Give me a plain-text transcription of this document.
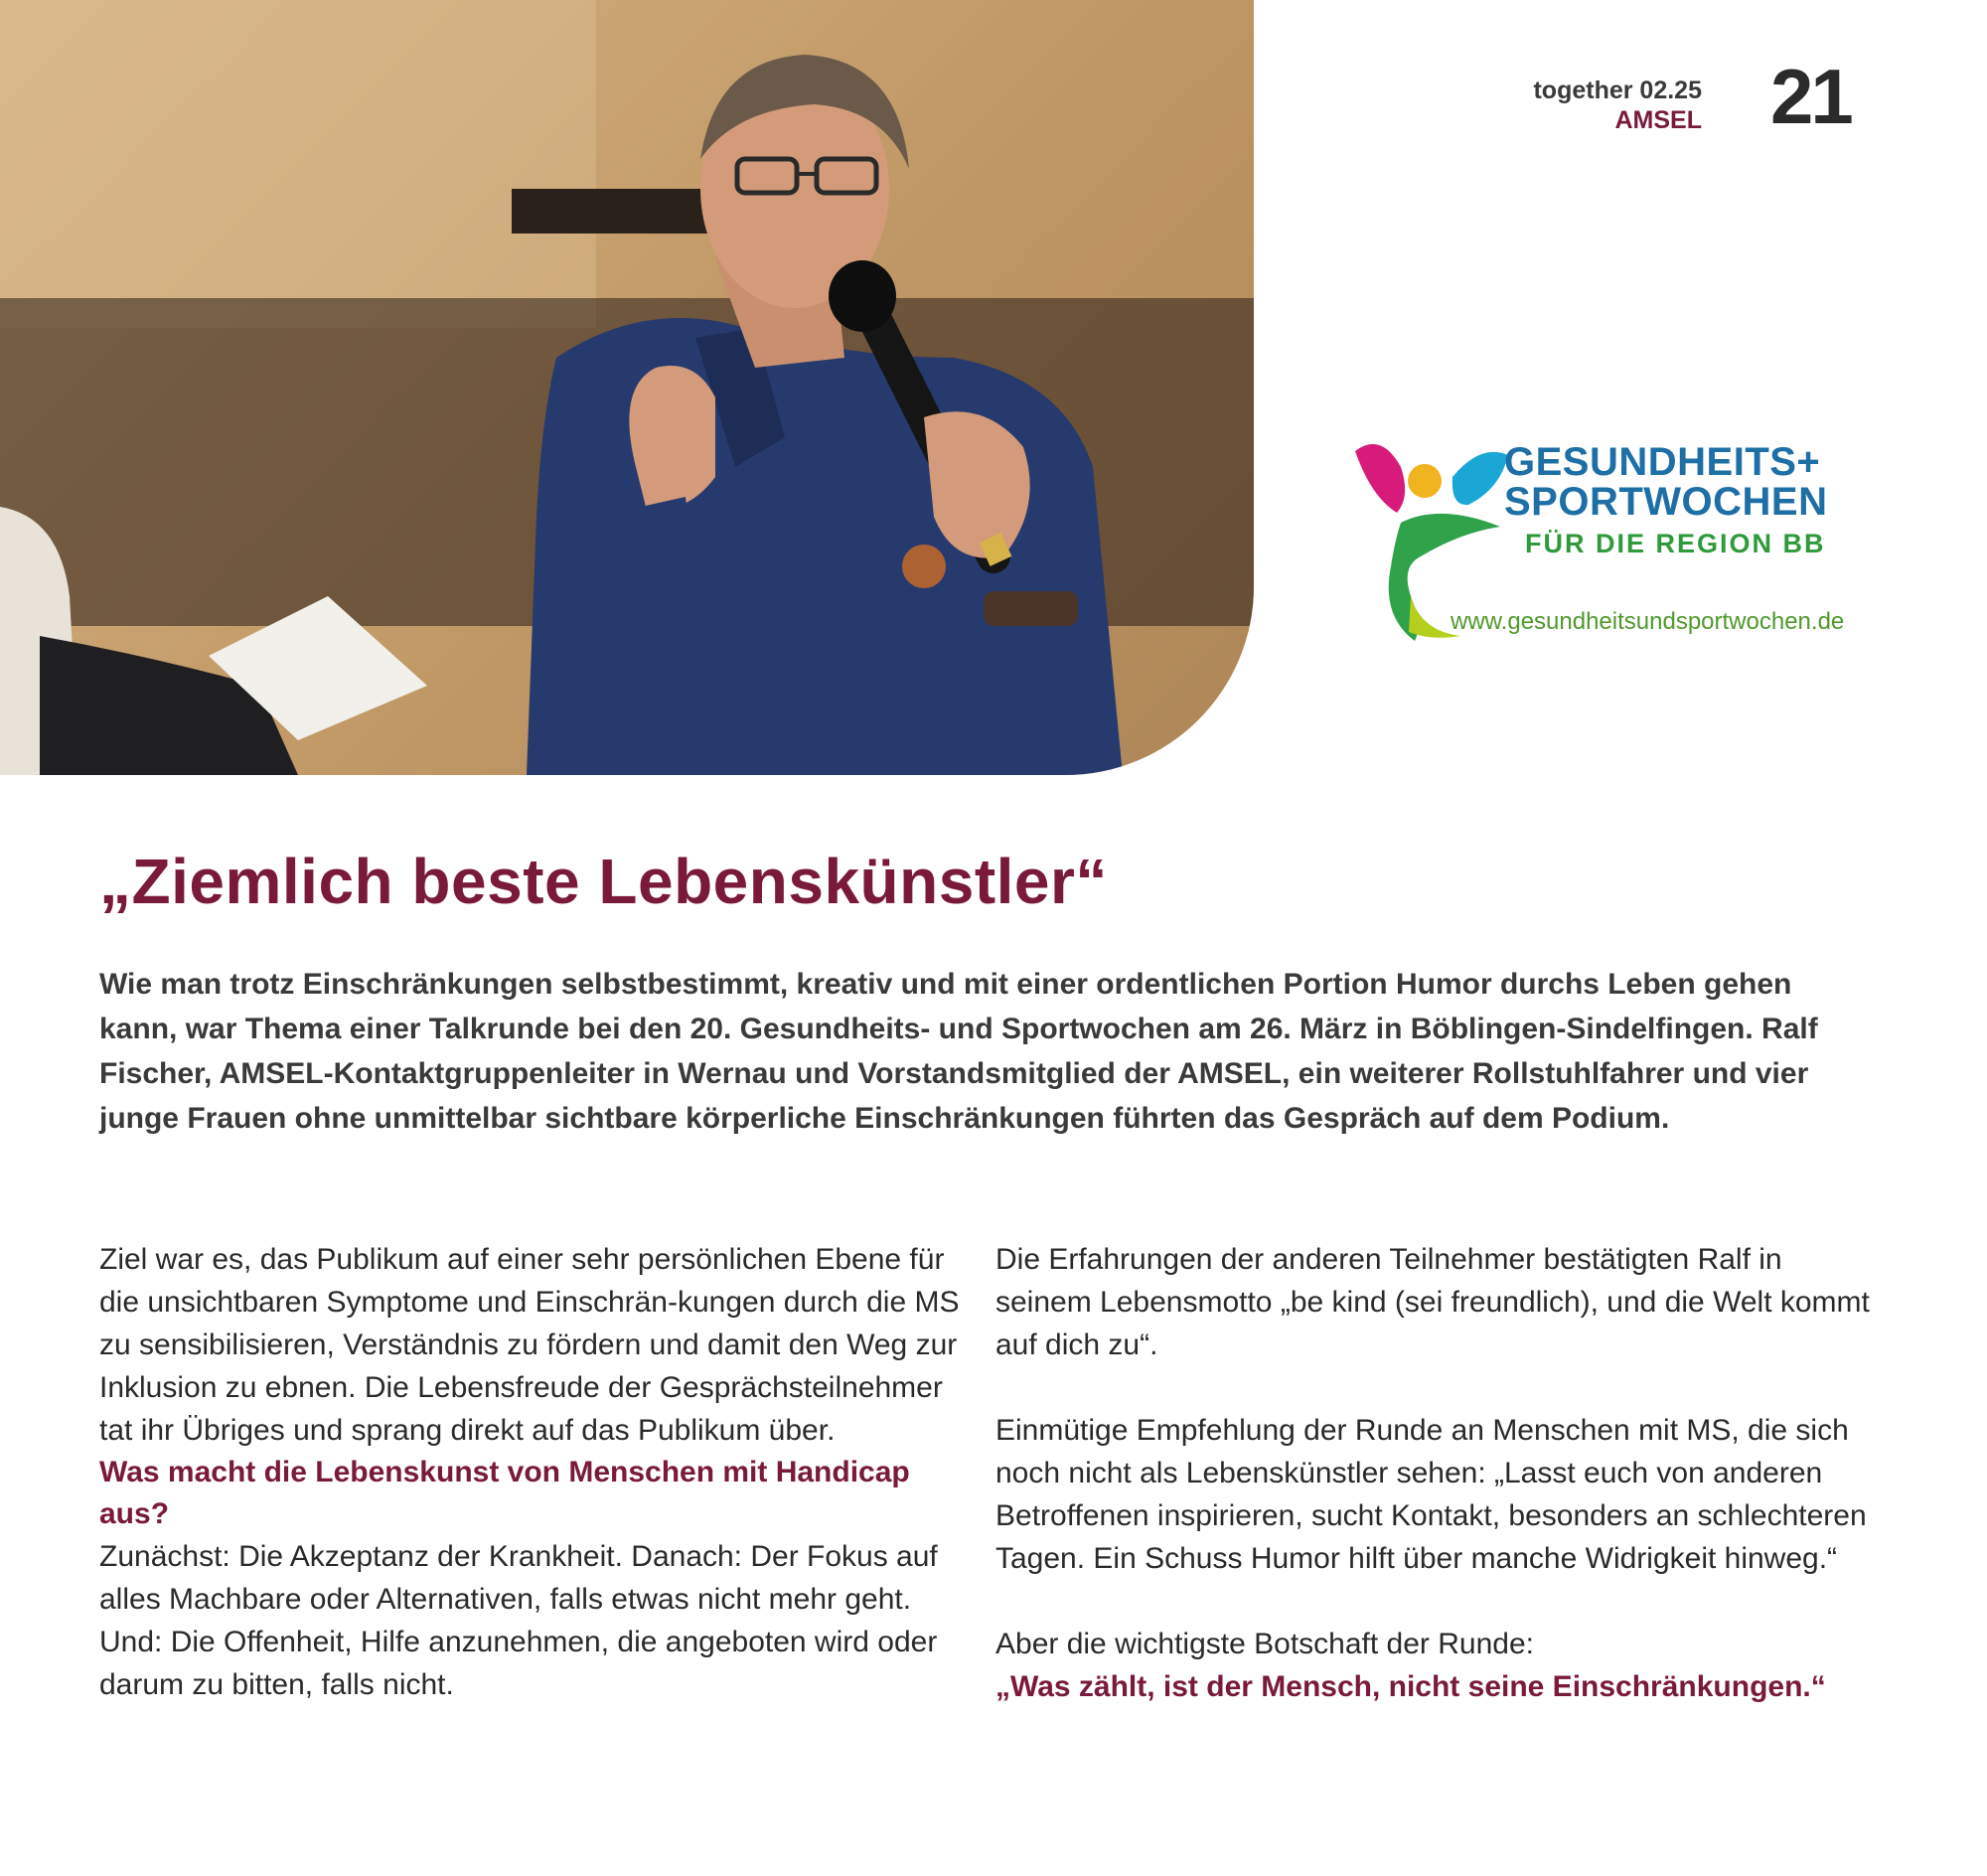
together 02.25
AMSEL 21
GESUNDHEITS+
SPORTWOCHEN
FÜR DIE REGION BB
www.gesundheitsundsportwochen.de
„Ziemlich beste Lebenskünstler“

Wie man trotz Einschränkungen selbstbestimmt, kreativ und mit einer ordentlichen Portion Humor durchs Leben gehen kann, war Thema einer Talkrunde bei den 20. Gesundheits- und Sportwochen am 26. März in Böblingen-Sindelfingen. Ralf Fischer, AMSEL-Kontaktgruppenleiter in Wernau und Vorstandsmitglied der AMSEL, ein weiterer Rollstuhlfahrer und vier junge Frauen ohne unmittelbar sichtbare körperliche Einschränkungen führten das Gespräch auf dem Podium.

Ziel war es, das Publikum auf einer sehr persönlichen Ebene für die unsichtbaren Symptome und Einschrän-kungen durch die MS zu sensibilisieren, Verständnis zu fördern und damit den Weg zur Inklusion zu ebnen. Die Lebensfreude der Gesprächsteilnehmer tat ihr Übriges und sprang direkt auf das Publikum über.

Was macht die Lebenskunst von Menschen mit Handicap aus?

Zunächst: Die Akzeptanz der Krankheit. Danach: Der Fokus auf alles Machbare oder Alternativen, falls etwas nicht mehr geht. Und: Die Offenheit, Hilfe anzunehmen, die angeboten wird oder darum zu bitten, falls nicht.

Die Erfahrungen der anderen Teilnehmer bestätigten Ralf in seinem Lebensmotto „be kind (sei freundlich), und die Welt kommt auf dich zu“.

Einmütige Empfehlung der Runde an Menschen mit MS, die sich noch nicht als Lebenskünstler sehen: „Lasst euch von anderen Betroffenen inspirieren, sucht Kontakt, besonders an schlechteren Tagen. Ein Schuss Humor hilft über manche Widrigkeit hinweg.“

Aber die wichtigste Botschaft der Runde:

„Was zählt, ist der Mensch, nicht seine Einschränkungen.“
